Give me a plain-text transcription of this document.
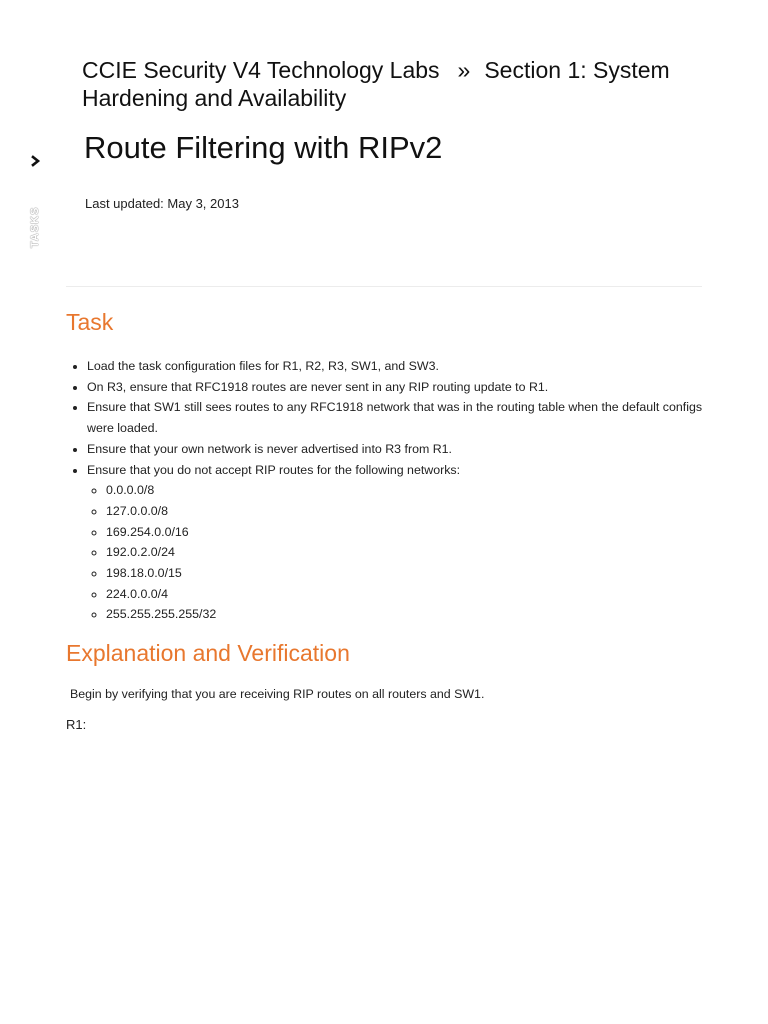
CCIE Security V4 Technology Labs » Section 1: System Hardening and Availability
Route Filtering with RIPv2
Last updated: May 3, 2013
TASKS
Task
• Load the task configuration files for R1, R2, R3, SW1, and SW3.
• On R3, ensure that RFC1918 routes are never sent in any RIP routing update to R1.
• Ensure that SW1 still sees routes to any RFC1918 network that was in the routing table when the default configs were loaded.
• Ensure that your own network is never advertised into R3 from R1.
• Ensure that you do not accept RIP routes for the following networks:
◦ 0.0.0.0/8
◦ 127.0.0.0/8
◦ 169.254.0.0/16
◦ 192.0.2.0/24
◦ 198.18.0.0/15
◦ 224.0.0.0/4
◦ 255.255.255.255/32
Explanation and Verification
Begin by verifying that you are receiving RIP routes on all routers and SW1.
R1:
